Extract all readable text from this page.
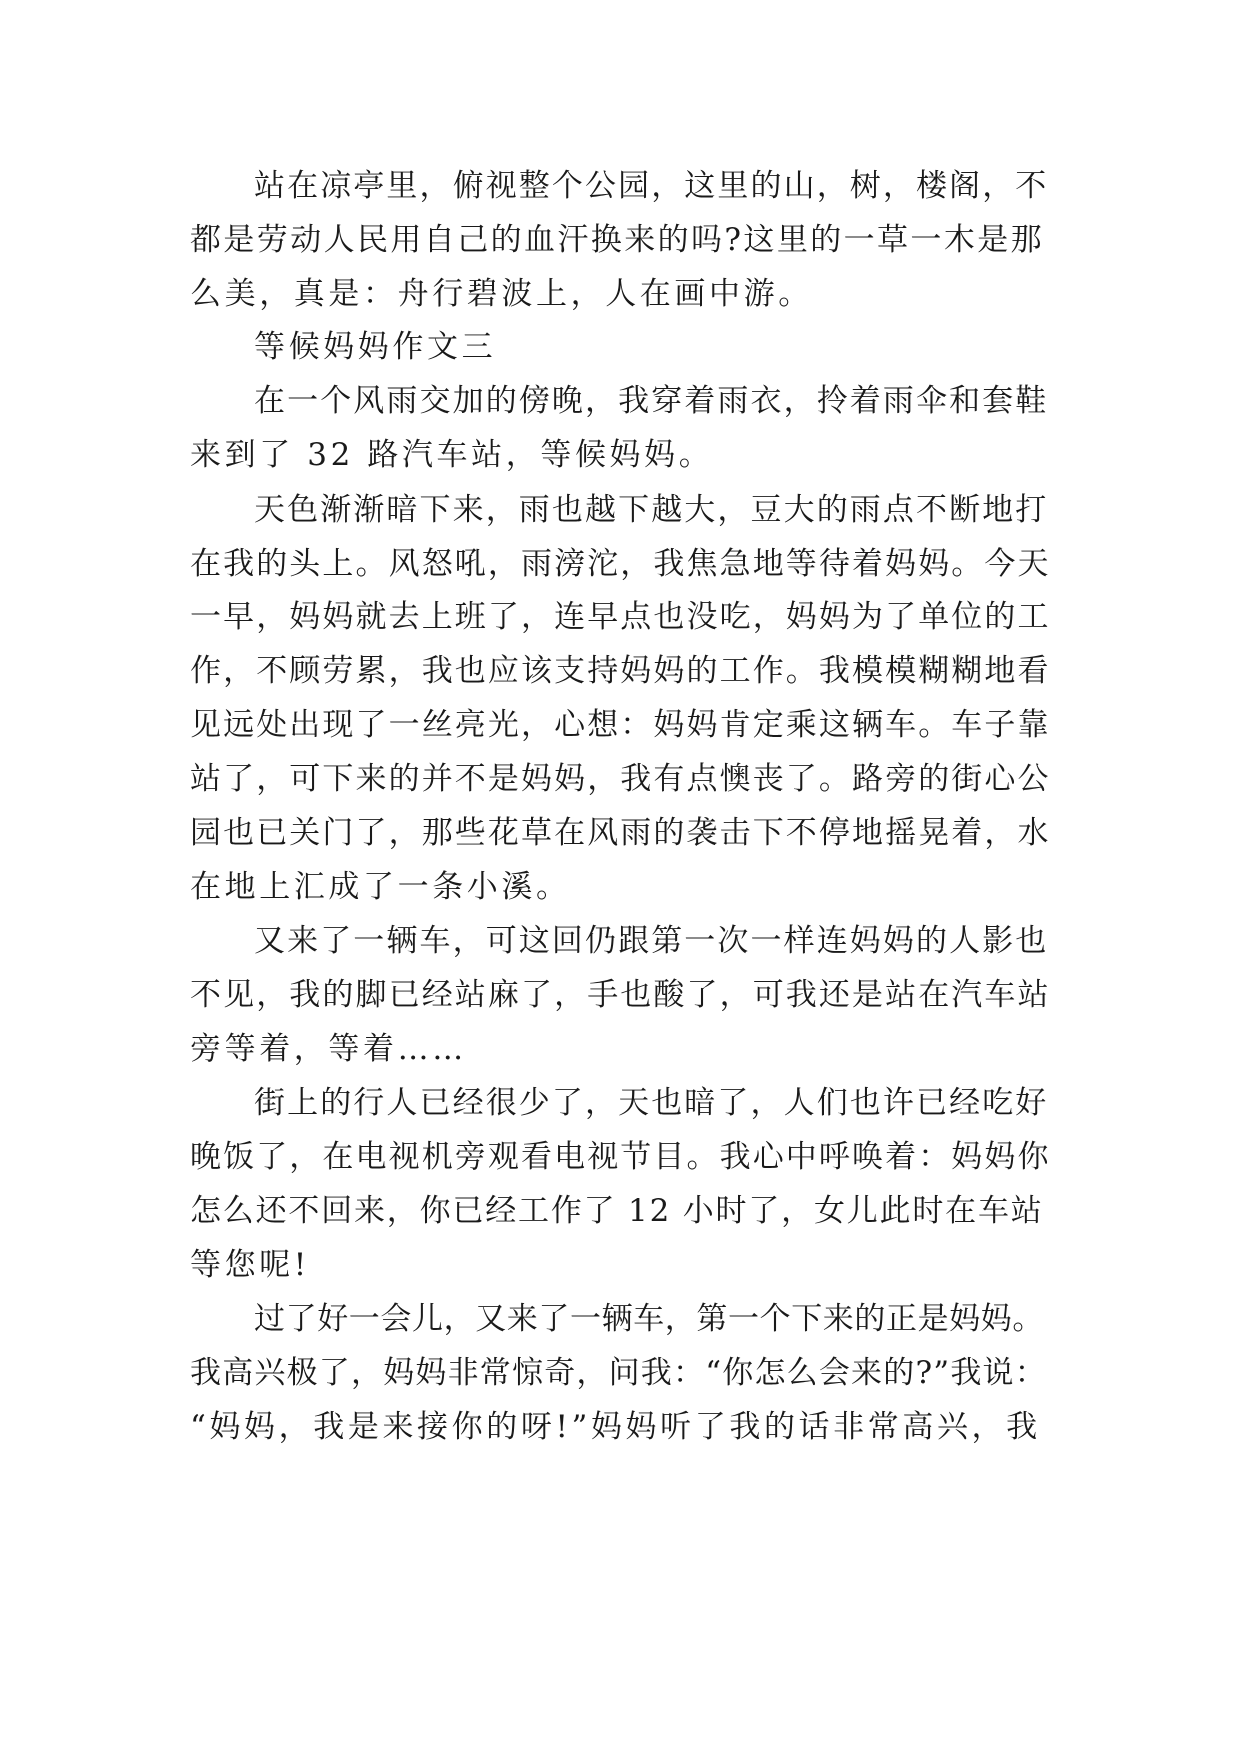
站在凉亭里，俯视整个公园，这里的山，树，楼阁，不
都是劳动人民用自己的血汗换来的吗?这里的一草一木是那
么美，真是：舟行碧波上，人在画中游。
等候妈妈作文三
在一个风雨交加的傍晚，我穿着雨衣，拎着雨伞和套鞋
来到了 32 路汽车站，等候妈妈。
天色渐渐暗下来，雨也越下越大，豆大的雨点不断地打
在我的头上。风怒吼，雨滂沱，我焦急地等待着妈妈。今天
一早，妈妈就去上班了，连早点也没吃，妈妈为了单位的工
作，不顾劳累，我也应该支持妈妈的工作。我模模糊糊地看
见远处出现了一丝亮光，心想：妈妈肯定乘这辆车。车子靠
站了，可下来的并不是妈妈，我有点懊丧了。路旁的街心公
园也已关门了，那些花草在风雨的袭击下不停地摇晃着，水
在地上汇成了一条小溪。
又来了一辆车，可这回仍跟第一次一样连妈妈的人影也
不见，我的脚已经站麻了，手也酸了，可我还是站在汽车站
旁等着，等着……
街上的行人已经很少了，天也暗了，人们也许已经吃好
晚饭了，在电视机旁观看电视节目。我心中呼唤着：妈妈你
怎么还不回来，你已经工作了 12 小时了，女儿此时在车站
等您呢!
过了好一会儿，又来了一辆车，第一个下来的正是妈妈。
我高兴极了，妈妈非常惊奇，问我：“你怎么会来的?”我说：
“妈妈，我是来接你的呀!”妈妈听了我的话非常高兴，我
